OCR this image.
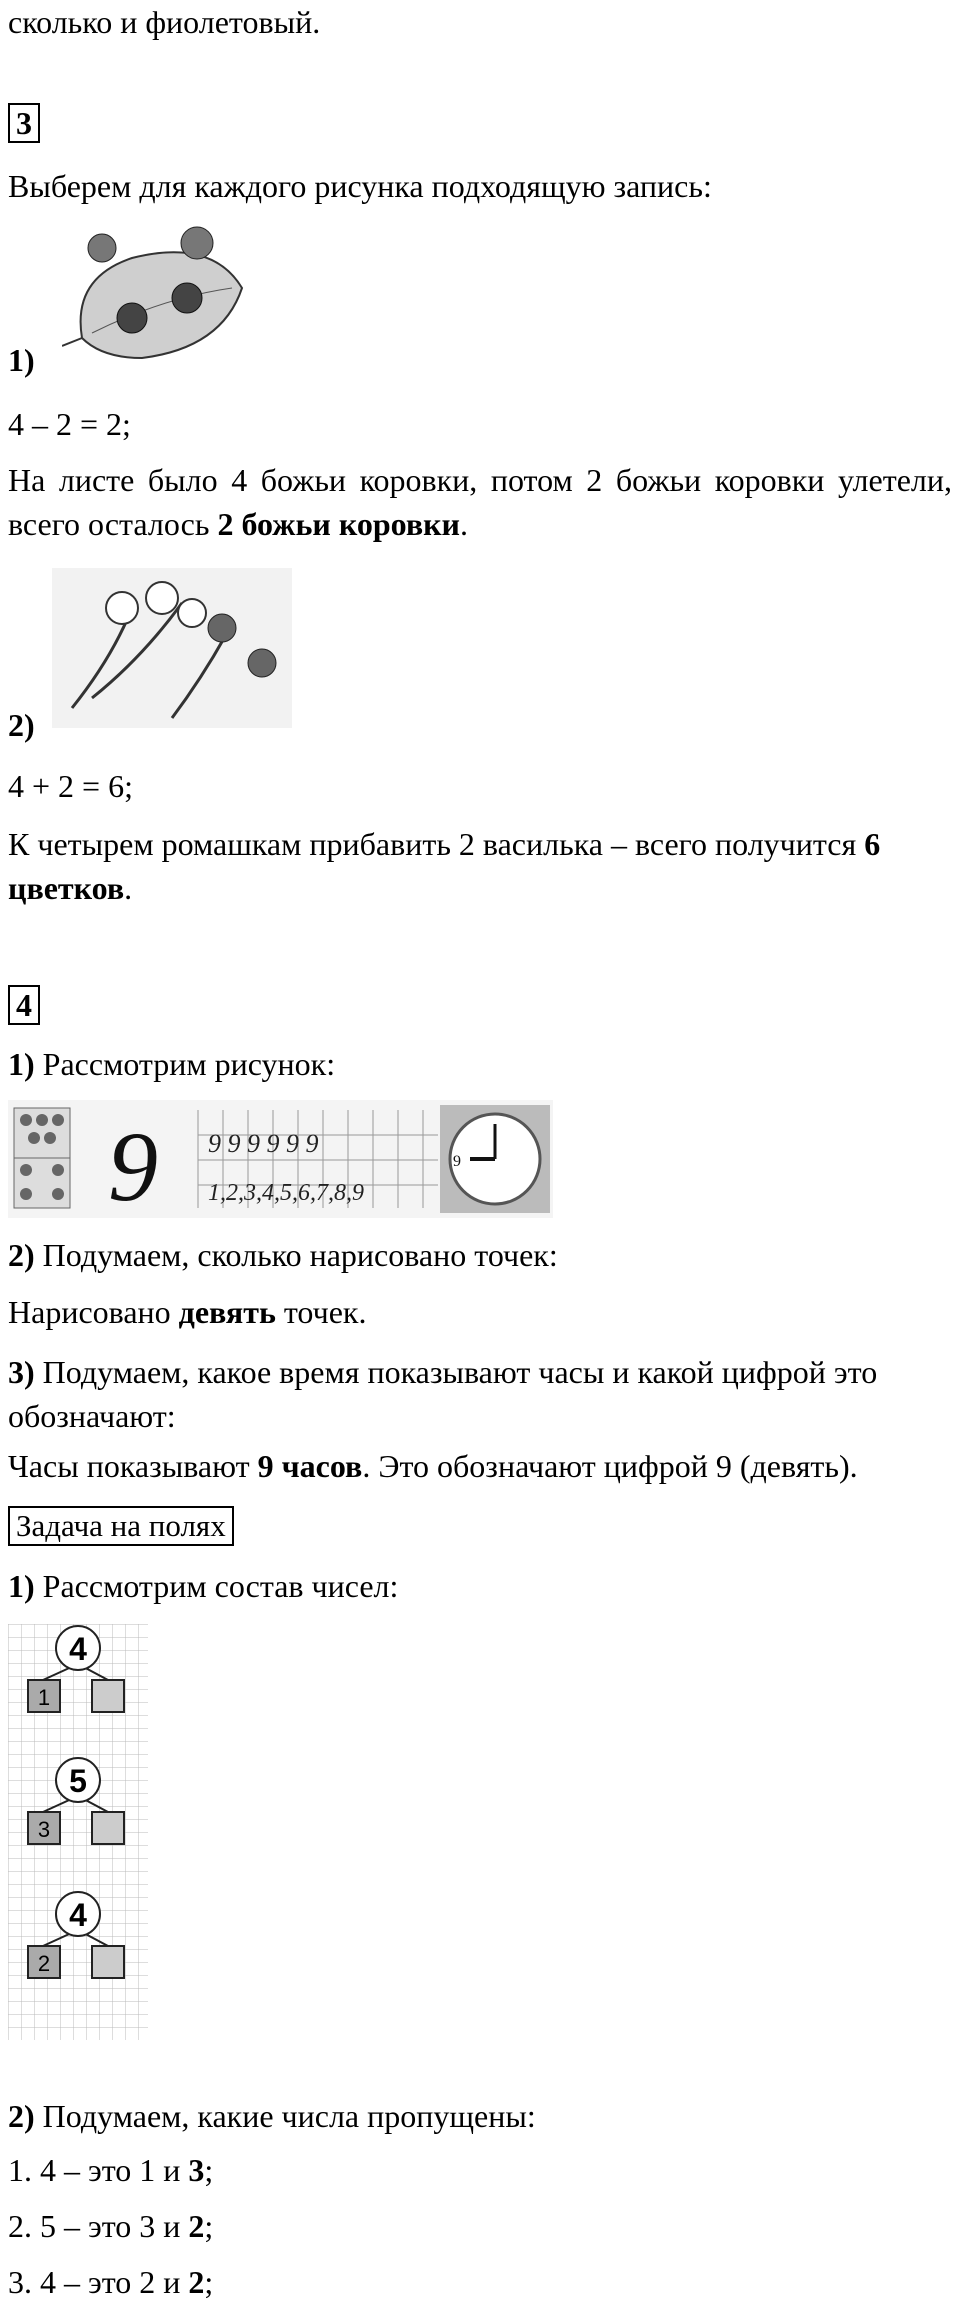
сколько и фиолетовый.
3
Выберем для каждого рисунка подходящую запись:
1)
4 – 2 = 2;
На листе было 4 божьи коровки, потом 2 божьи коровки улетели, всего осталось 2 божьи коровки.
2)
4 + 2 = 6;
К четырем ромашкам прибавить 2 василька – всего получится 6 цветков.
4
1) Рассмотрим рисунок:
9 9 9 9 9 9 9
1,2,3,4,5,6,7,8,9
9
2) Подумаем, сколько нарисовано точек:
Нарисовано девять точек.
3) Подумаем, какое время показывают часы и какой цифрой это обозначают:
Часы показывают 9 часов. Это обозначают цифрой 9 (девять).
Задача на полях
1) Рассмотрим состав чисел:
4
1
5
3
4
2
2) Подумаем, какие числа пропущены:
1. 4 – это 1 и 3;
2. 5 – это 3 и 2;
3. 4 – это 2 и 2;
